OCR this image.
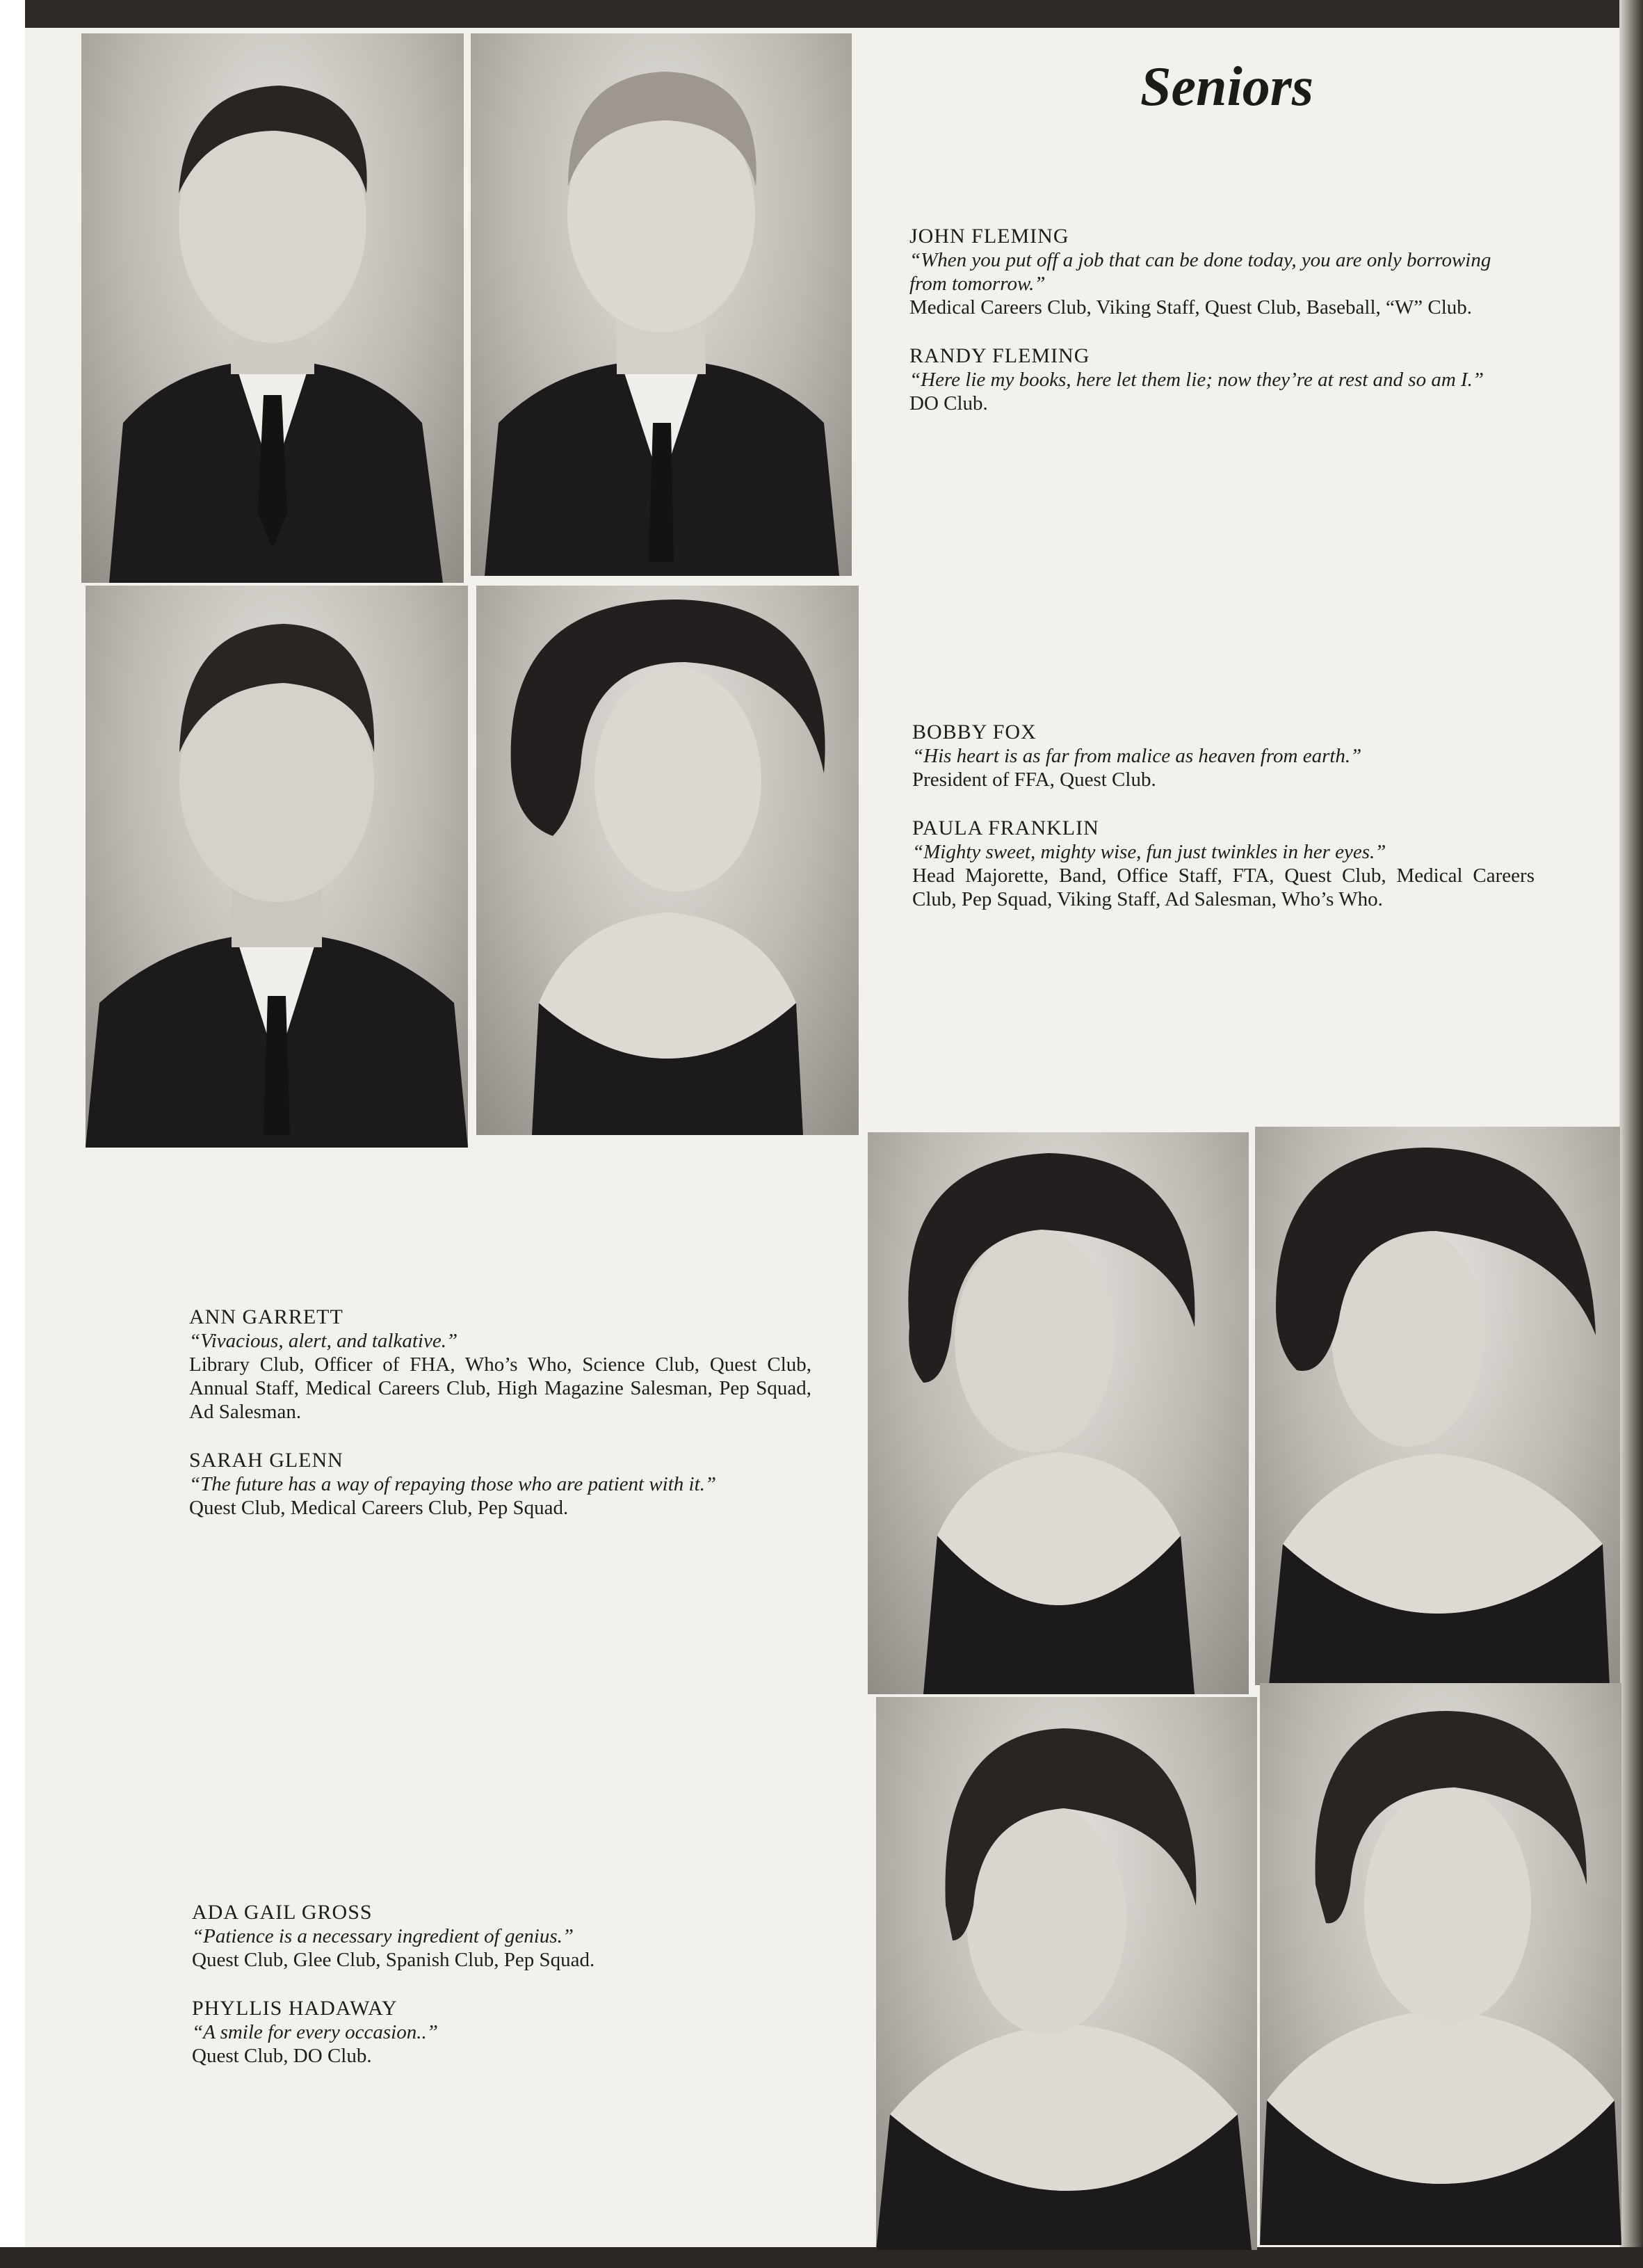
Seniors
JOHN FLEMING
“When you put off a job that can be done today, you are only borrowing from tomorrow.”
Medical Careers Club, Viking Staff, Quest Club, Baseball, “W” Club.
RANDY FLEMING
“Here lie my books, here let them lie; now they’re at rest and so am I.”
DO Club.
BOBBY FOX
“His heart is as far from malice as heaven from earth.”
President of FFA, Quest Club.
PAULA FRANKLIN
“Mighty sweet, mighty wise, fun just twinkles in her eyes.”
Head Majorette, Band, Office Staff, FTA, Quest Club, Medical Careers Club, Pep Squad, Viking Staff, Ad Salesman, Who’s Who.
ANN GARRETT
“Vivacious, alert, and talkative.”
Library Club, Officer of FHA, Who’s Who, Science Club, Quest Club, Annual Staff, Medical Careers Club, High Magazine Salesman, Pep Squad, Ad Salesman.
SARAH GLENN
“The future has a way of repaying those who are patient with it.”
Quest Club, Medical Careers Club, Pep Squad.
ADA GAIL GROSS
“Patience is a necessary ingredient of genius.”
Quest Club, Glee Club, Spanish Club, Pep Squad.
PHYLLIS HADAWAY
“A smile for every occasion..”
Quest Club, DO Club.
